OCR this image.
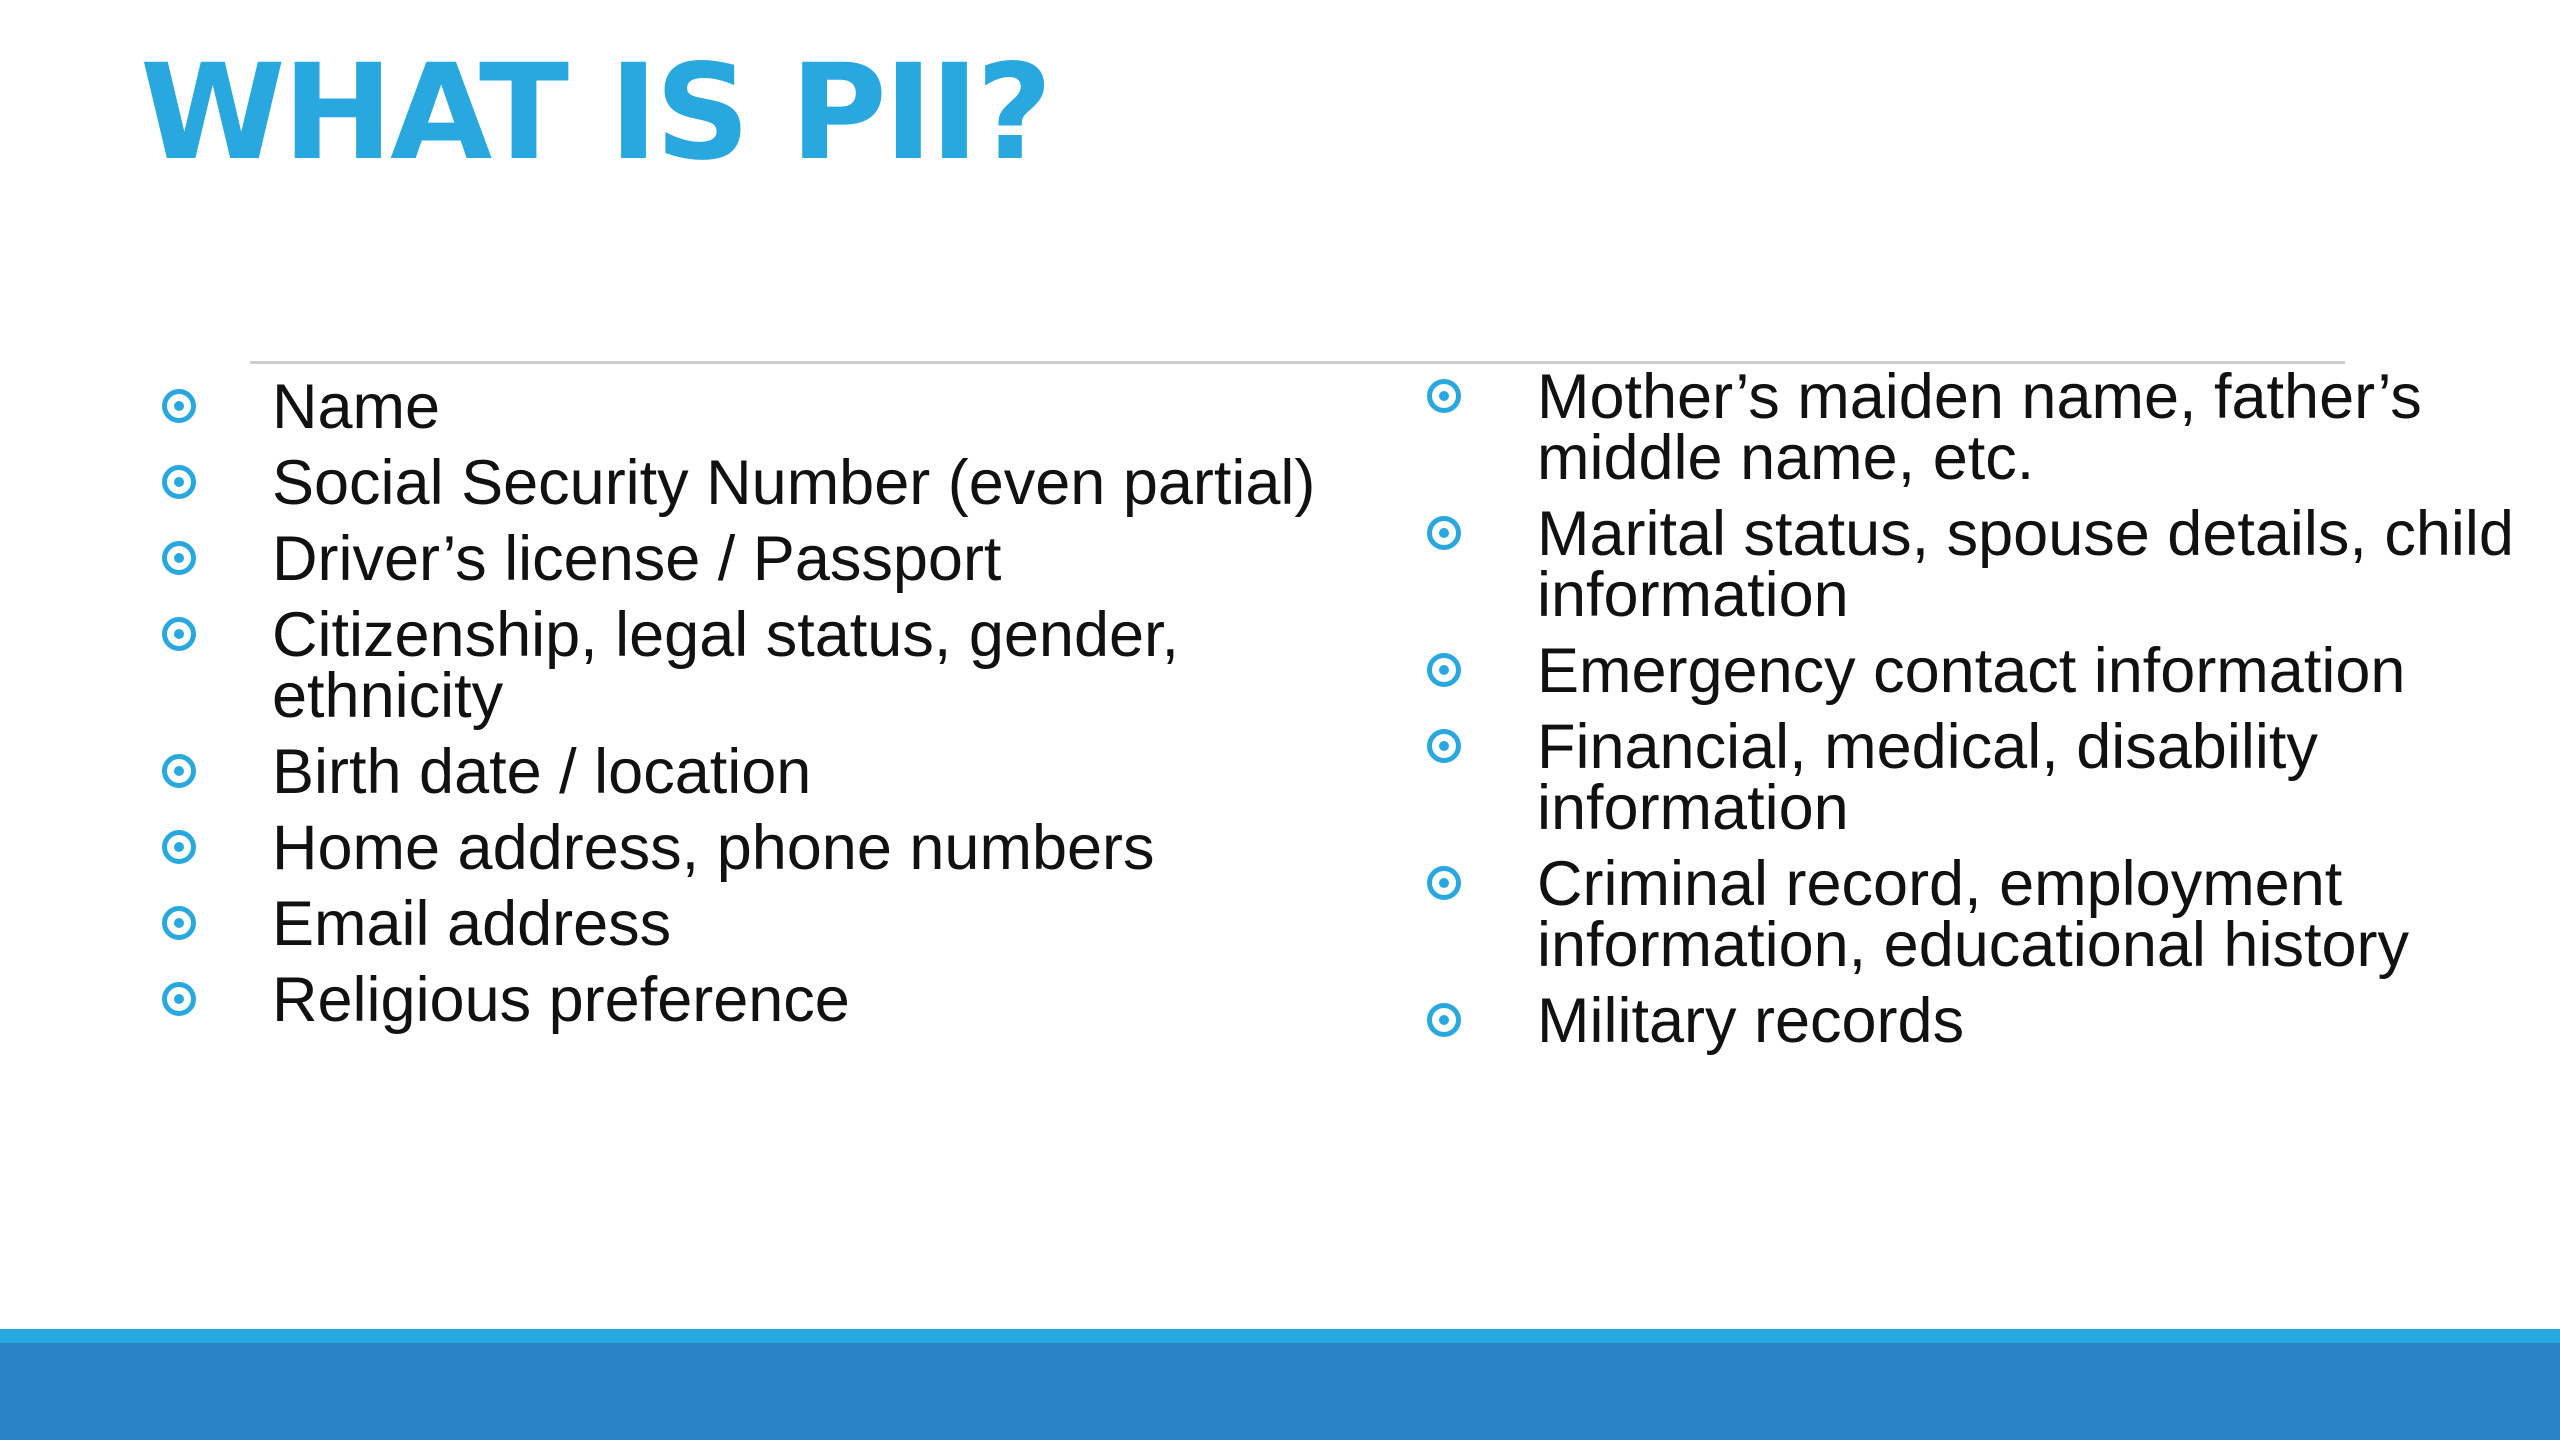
WHAT IS PII?
Name
Social Security Number (even partial)
Driver’s license / Passport
Citizenship, legal status, gender, ethnicity
Birth date / location
Home address, phone numbers
Email address
Religious preference
Mother’s maiden name, father’s middle name, etc.
Marital status, spouse details, child information
Emergency contact information
Financial, medical, disability information
Criminal record, employment information, educational history
Military records
